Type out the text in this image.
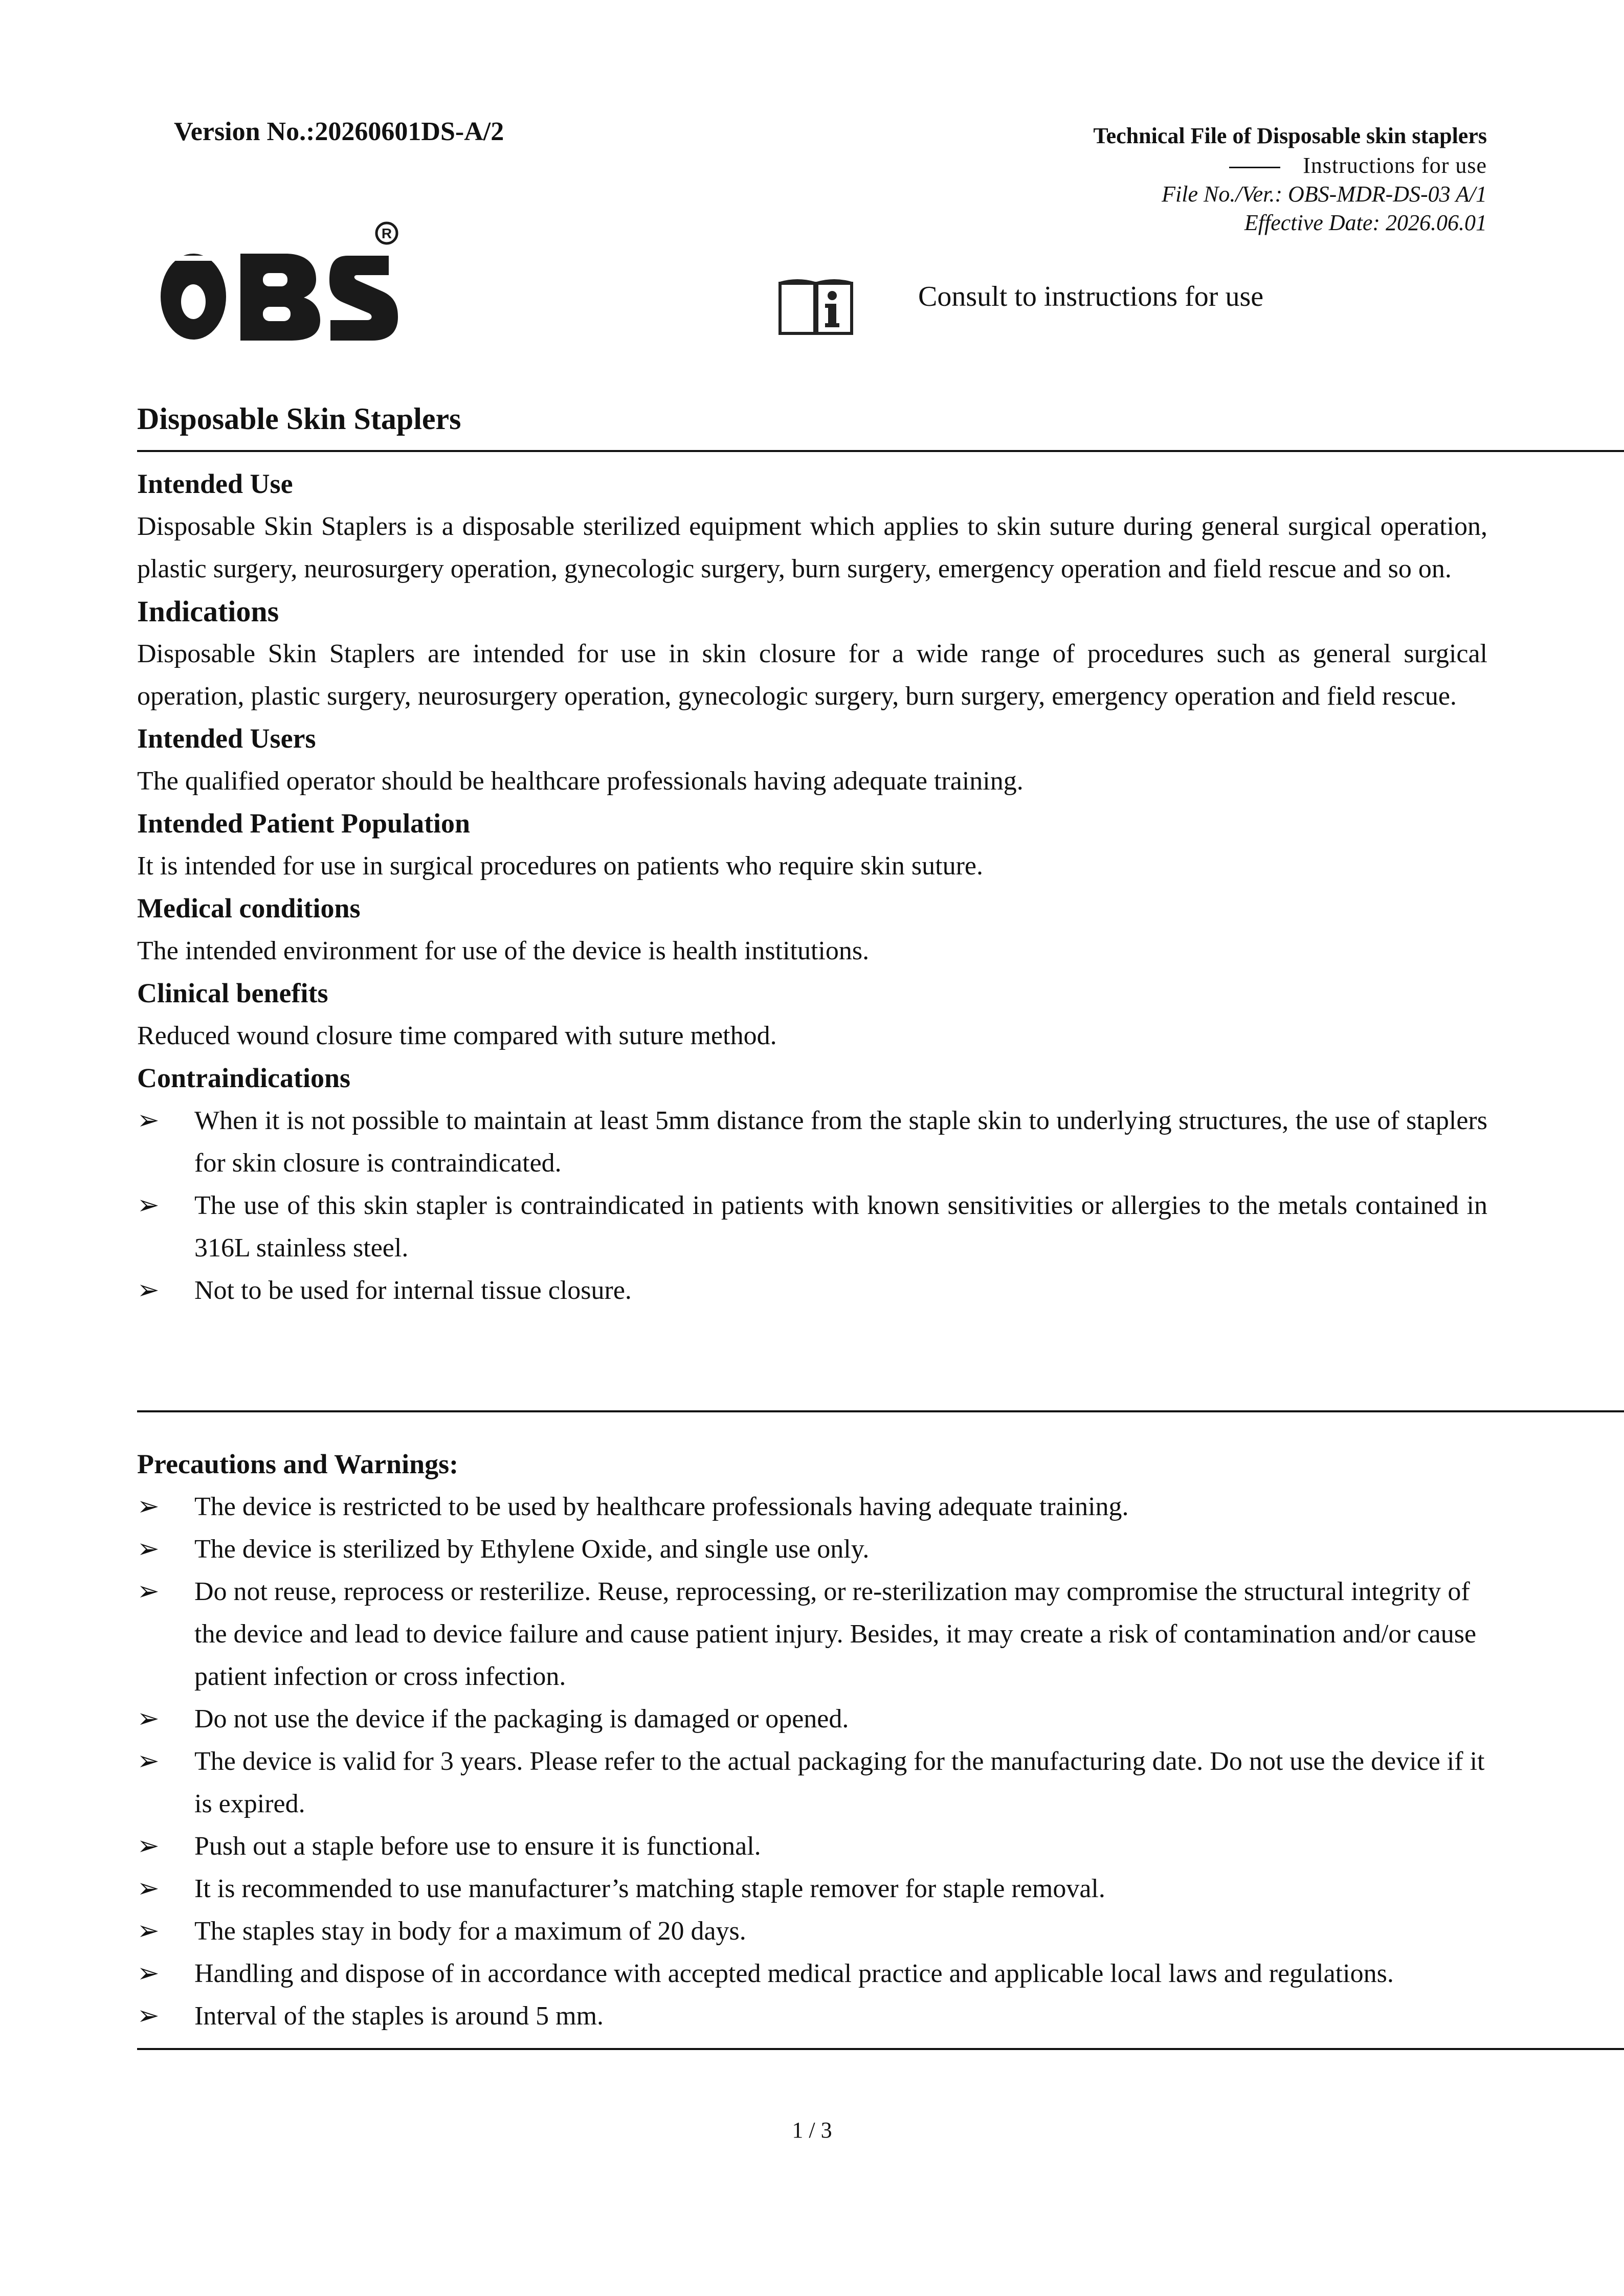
Version No.:20260601DS-A/2	Technical File of Disposable skin staplers
Instructions for use
File No./Ver.: OBS-MDR-DS-03 A/1
Effective Date: 2026.06.01
R
Consult to instructions for use
Disposable Skin Staplers
Intended Use
Disposable Skin Staplers is a disposable sterilized equipment which applies to skin suture during general surgical operation, plastic surgery, neurosurgery operation, gynecologic surgery, burn surgery, emergency operation and field rescue and so on.
Indications
Disposable Skin Staplers are intended for use in skin closure for a wide range of procedures such as general surgical operation, plastic surgery, neurosurgery operation, gynecologic surgery, burn surgery, emergency operation and field rescue.
Intended Users
The qualified operator should be healthcare professionals having adequate training.
Intended Patient Population
It is intended for use in surgical procedures on patients who require skin suture.
Medical conditions
The intended environment for use of the device is health institutions.
Clinical benefits
Reduced wound closure time compared with suture method.
Contraindications
➢	When it is not possible to maintain at least 5mm distance from the staple skin to underlying structures, the use of staplers for skin closure is contraindicated.
➢	The use of this skin stapler is contraindicated in patients with known sensitivities or allergies to the metals contained in 316L stainless steel.
➢	Not to be used for internal tissue closure.
Precautions and Warnings:
➢	The device is restricted to be used by healthcare professionals having adequate training.
➢	The device is sterilized by Ethylene Oxide, and single use only.
➢	Do not reuse, reprocess or resterilize. Reuse, reprocessing, or re-sterilization may compromise the structural integrity of the device and lead to device failure and cause patient injury. Besides, it may create a risk of contamination and/or cause patient infection or cross infection.
➢	Do not use the device if the packaging is damaged or opened.
➢	The device is valid for 3 years. Please refer to the actual packaging for the manufacturing date. Do not use the device if it is expired.
➢	Push out a staple before use to ensure it is functional.
➢	It is recommended to use manufacturer’s matching staple remover for staple removal.
➢	The staples stay in body for a maximum of 20 days.
➢	Handling and dispose of in accordance with accepted medical practice and applicable local laws and regulations.
➢	Interval of the staples is around 5 mm.
1 / 3
